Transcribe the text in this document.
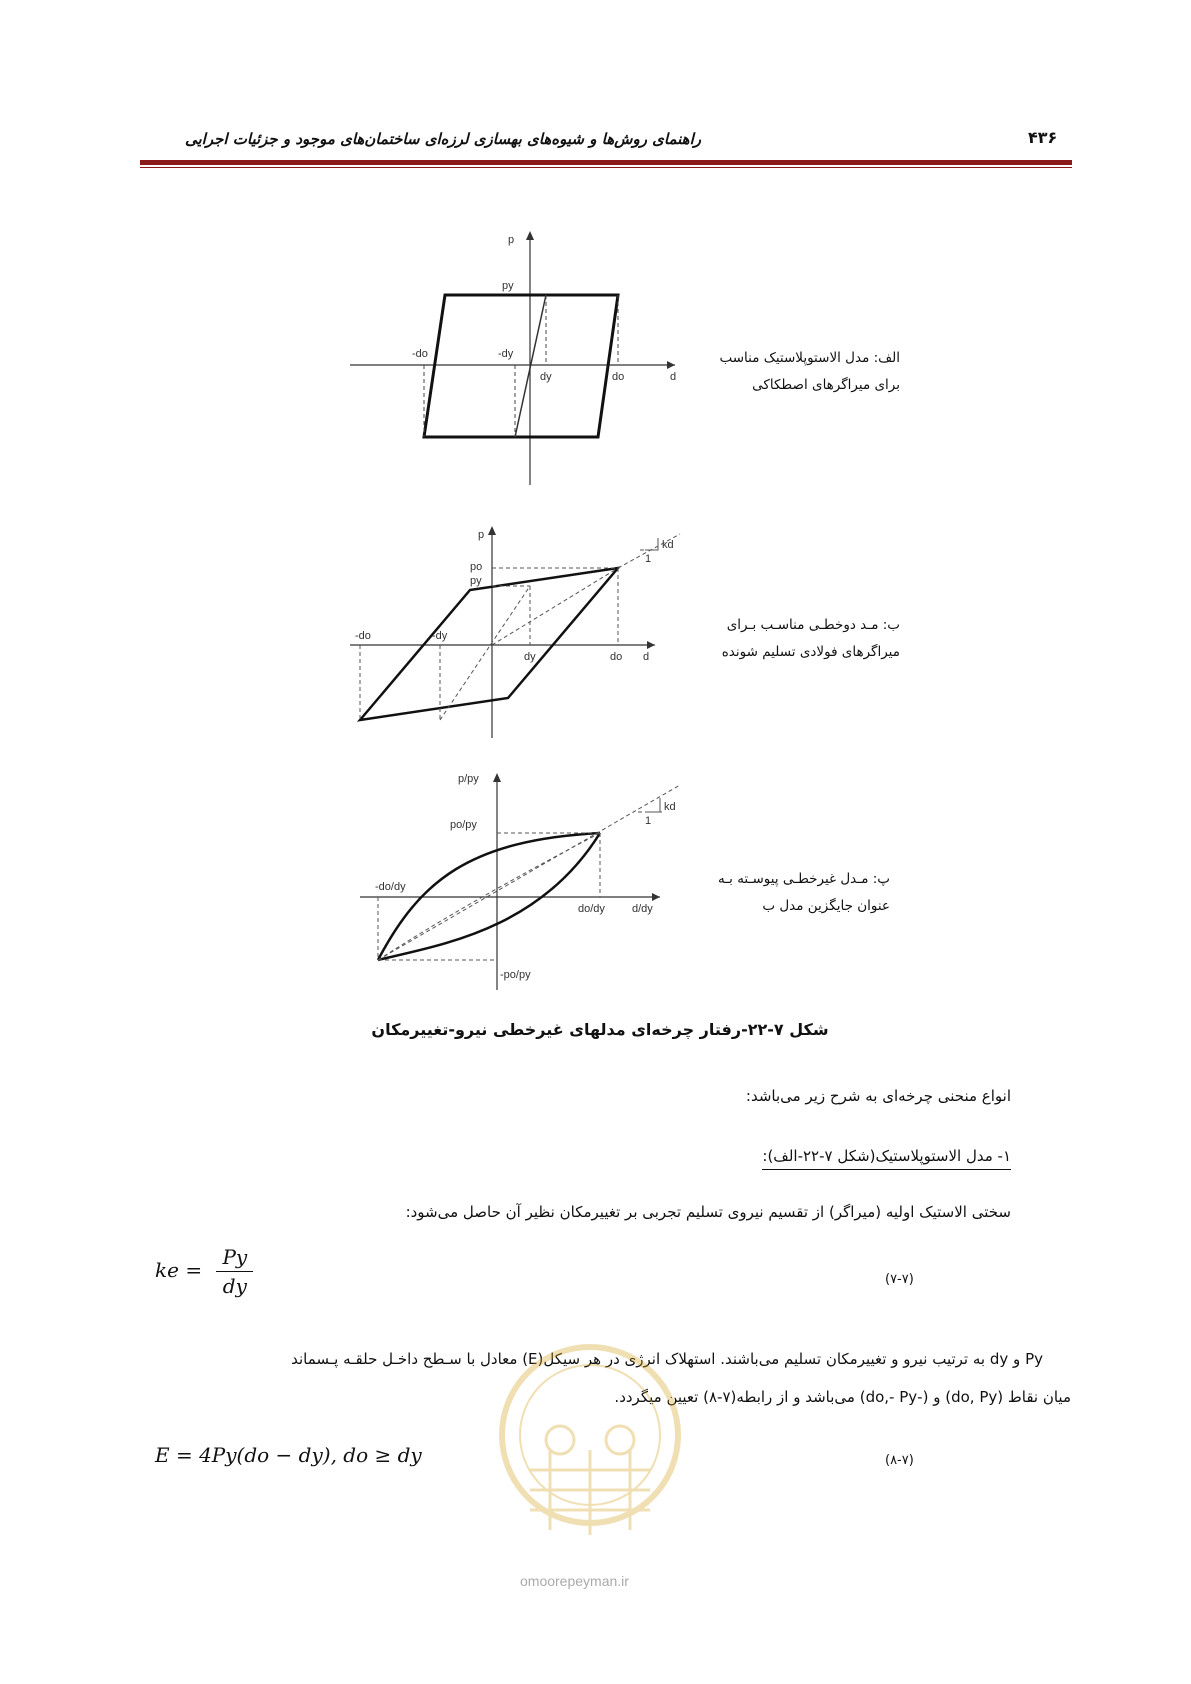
راهنمای روش‌ها و شیوه‌های بهسازی لرزه‌ای ساختمان‌های موجود و جزئیات اجرایی	۴۳۶
p
py
-do	-dy
dy	do	d
الف: مدل الاستوپلاستیک مناسب
برای میراگرهای اصطکاکی
p
po
py
-do	-dy
dy	do d
kd
1
ب: مـد دوخطـی مناسـب بـرای
میراگرهای فولادی تسلیم شونده
p/py
po/py
-po/py
-do/dy
do/dy d/dy
kd
1
پ: مـدل غیرخطـی پیوسـته بـه
عنوان جایگزین مدل ب
شکل ۷-۲۲-رفتار چرخه‌ای مدلهای غیرخطی نیرو-تغییرمکان
انواع منحنی چرخه‌ای به شرح زیر می‌باشد:
۱- مدل الاستوپلاستیک(شکل ۷-۲۲-الف):
سختی الاستیک اولیه (میراگر) از تقسیم نیروی تسلیم تجربی بر تغییرمکان نظیر آن حاصل می‌شود:
ke = $\frac{Py}{dy}$	(۷-۷)
Py و dy به ترتیب نیرو و تغییرمکان تسلیم می‌باشند. استهلاک انرژی در هر سیکل(E) معادل با سـطح داخـل حلقـه پـسماند
میان نقاط (do, Py) و (-do,- Py) می‌باشد و از رابطه(۷-۸) تعیین میگردد.
E = 4Py(do − dy), do ≥ dy	(۸-۷)
omoorepeyman.ir
